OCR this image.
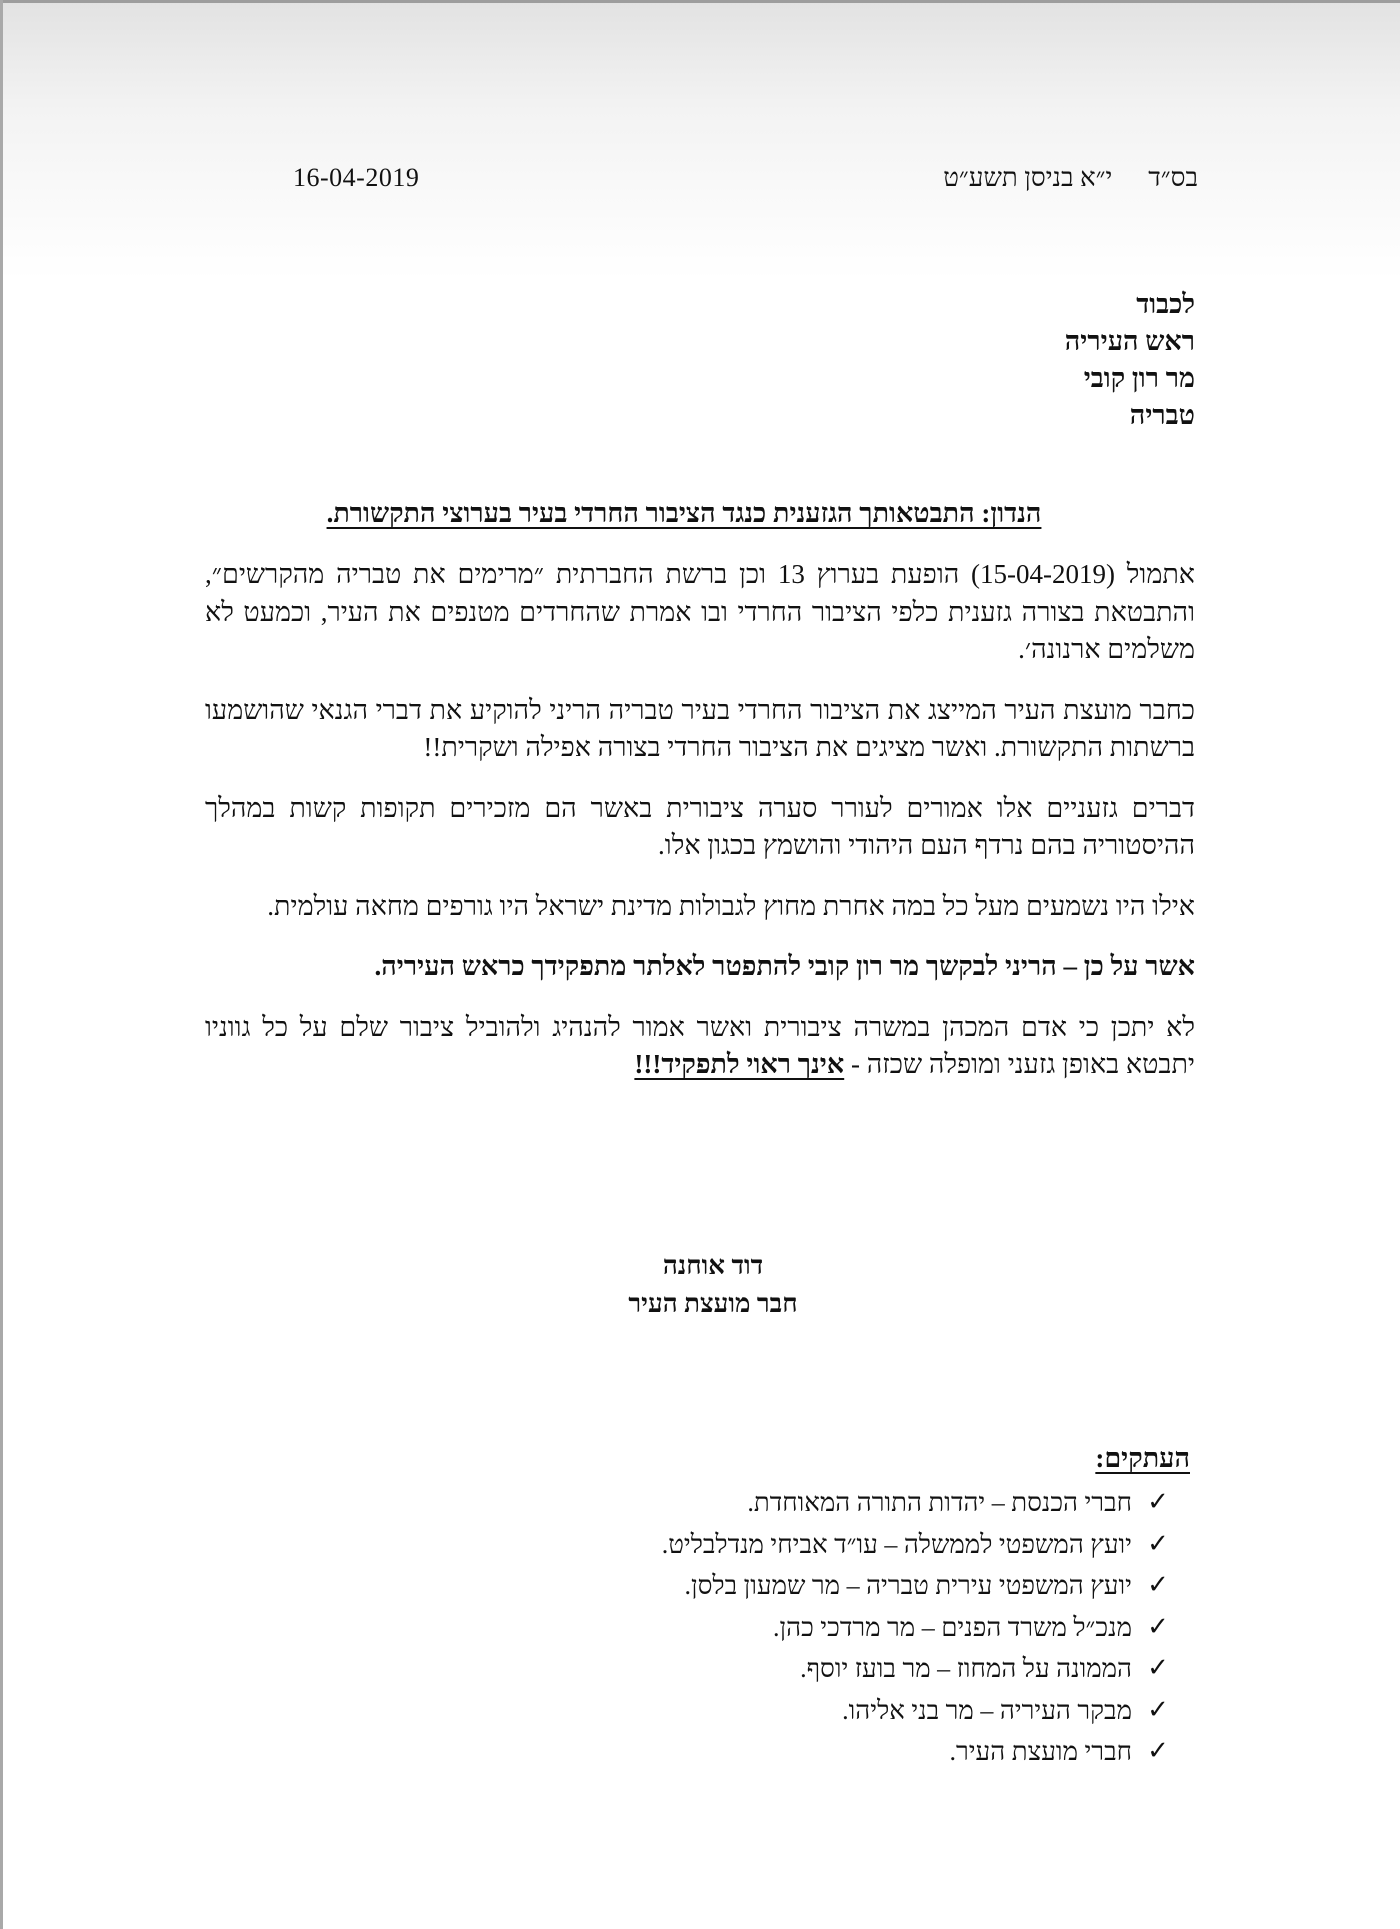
16-04-2019	בס״די״א בניסן תשע״ט
לכבוד
ראש העיריה
מר רון קובי
טבריה
הנדון: התבטאותך הגזענית כנגד הציבור החרדי בעיר בערוצי התקשורת.

אתמול (15-04-2019) הופעת בערוץ 13 וכן ברשת החברתית ״מרימים את טבריה מהקרשים״, והתבטאת בצורה גזענית כלפי הציבור החרדי ובו אמרת שהחרדים מטנפים את העיר, וכמעט לא משלמים ארנונה׳.

כחבר מועצת העיר המייצג את הציבור החרדי בעיר טבריה הריני להוקיע את דברי הגנאי שהושמעו ברשתות התקשורת. ואשר מציגים את הציבור החרדי בצורה אפילה ושקרית!!

דברים גזעניים אלו אמורים לעורר סערה ציבורית באשר הם מזכירים תקופות קשות במהלך ההיסטוריה בהם נרדף העם היהודי והושמץ בכגון אלו.

אילו היו נשמעים מעל כל במה אחרת מחוץ לגבולות מדינת ישראל היו גורפים מחאה עולמית.

אשר על כן – הריני לבקשך מר רון קובי להתפטר לאלתר מתפקידך כראש העיריה.

לא יתכן כי אדם המכהן במשרה ציבורית ואשר אמור להנהיג ולהוביל ציבור שלם על כל גווניו יתבטא באופן גזעני ומופלה שכזה - אינך ראוי לתפקיד!!!

דוד אוחנה
חבר מועצת העיר
העתקים:
✓
חברי הכנסת – יהדות התורה המאוחדת.
✓
יועץ המשפטי לממשלה – עו״ד אביחי מנדלבליט.
✓
יועץ המשפטי עירית טבריה – מר שמעון בלסן.
✓
מנכ״ל משרד הפנים – מר מרדכי כהן.
✓
הממונה על המחוז – מר בועז יוסף.
✓
מבקר העיריה – מר בני אליהו.
✓
חברי מועצת העיר.
